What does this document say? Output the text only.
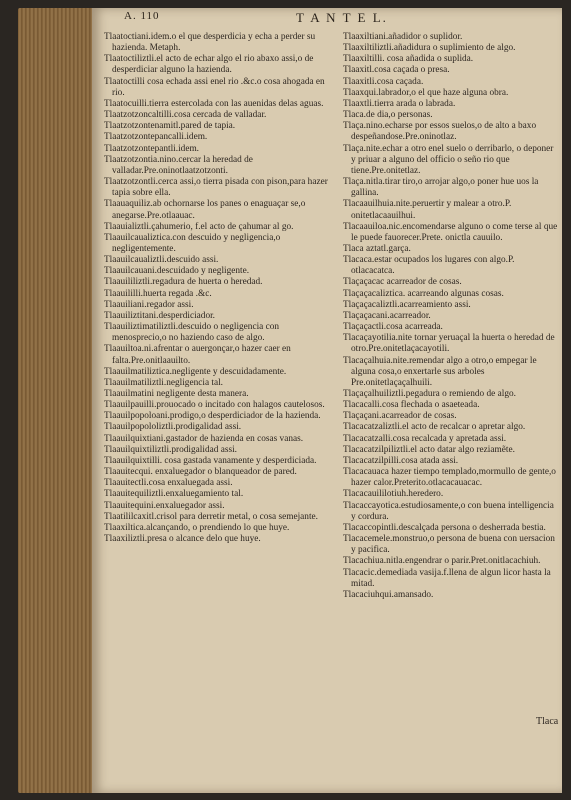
A. 110	T A N T E L.

Tlaatoctiani.idem.o el que desperdicia y echa a perder su hazienda. Metaph.

Tlaatoctiliztli.el acto de echar algo el rio abaxo assi,o de desperdiciar alguno la hazienda.

Tlaatoctilli cosa echada assi enel rio .&c.o cosa ahogada en rio.

Tlaatocuilli.tierra estercolada con las auenidas delas aguas.

Tlaatzotzoncaltilli.cosa cercada de valladar.

Tlaatzotzontenamitl.pared de tapia.

Tlaatzotzontepancalli.idem.

Tlaatzotzontepantli.idem.

Tlaatzotzontia.nino.cercar la heredad de valladar.Pre.oninotlaatzotzonti.

Tlaatzotzontli.cerca assi,o tierra pisada con pison,para hazer tapia sobre ella.

Tlaauaquiliz.ab ochornarse los panes o enaguaçar se,o anegarse.Pre.otlaauac.

Tlaauializtli.çahumerio, f.el acto de çahumar al go.

Tlaauilcaualiztica.con descuido y negligencia,o negligentemente.

Tlaauilcaualiztli.descuido assi.

Tlaauilcauani.descuidado y negligente.

Tlaauililiztli.regadura de huerta o heredad.

Tlaauililli.huerta regada .&c.

Tlaauiliani.regador assi.

Tlaauiliztitani.desperdiciador.

Tlaauiliztimatiliztli.descuido o negligencia con menosprecio,o no haziendo caso de algo.

Tlaauiltoa.ni.afrentar o auergonçar,o hazer caer en falta.Pre.onitlaauilto.

Tlaauilmatiliztica.negligente y descuidadamente.

Tlaauilmatiliztli.negligencia tal.

Tlaauilmatini negligente desta manera.

Tlaauilpauilli.prouocado o incitado con halagos cautelosos.

Tlaauilpopoloani.prodigo,o desperdiciador de la hazienda.

Tlaauilpopololiztli.prodigalidad assi.

Tlaauilquixtiani.gastador de hazienda en cosas vanas.

Tlaauilquixtiliztli.prodigalidad assi.

Tlaauilquixtilli. cosa gastada vanamente y desperdiciada.

Tlaauitecqui. enxaluegador o blanqueador de pared.

Tlaauitectli.cosa enxaluegada assi.

Tlaauitequiliztli.enxaluegamiento tal.

Tlaauitequini.enxaluegador assi.

Tlaatililcaxitl.crisol para derretir metal, o cosa semejante.

Tlaaxiltica.alcançando, o prendiendo lo que huye.

Tlaaxiliztli.presa o alcance delo que huye.

Tlaaxiltiani.añadidor o suplidor.

Tlaaxiltiliztli.añadidura o suplimiento de algo.

Tlaaxiltilli. cosa añadida o suplida.

Tlaaxitl.cosa caçada o presa.

Tlaaxitli.cosa caçada.

Tlaaxqui.labrador,o el que haze alguna obra.

Tlaaxtli.tierra arada o labrada.

Tlaca.de dia,o personas.

Tlaça.nino.echarse por essos suelos,o de alto a baxo despeñandose.Pre.oninotlaz.

Tlaça.nite.echar a otro enel suelo o derribarlo, o deponer y priuar a alguno del officio o seño rio que tiene.Pre.onitetlaz.

Tlaça.nitla.tirar tiro,o arrojar algo,o poner hue uos la gallina.

Tlacaauilhuia.nite.peruertir y malear a otro.P. onitetlacaauilhui.

Tlacaauiloa.nic.encomendarse alguno o come terse al que le puede fauorecer.Prete. onictla cauuilo.

Tlaca aztatl.garça.

Tlacaca.estar ocupados los lugares con algo.P. otlacacatca.

Tlaçaçacac acarreador de cosas.

Tlaçaçacaliztica. acarreando algunas cosas.

Tlaçaçacaliztli.acarreamiento assi.

Tlaçaçacani.acarreador.

Tlaçaçactli.cosa acarreada.

Tlacaçayotilia.nite tornar yeruaçal la huerta o heredad de otro.Pre.onitetlaçacayotili.

Tlacaçalhuia.nite.remendar algo a otro,o empegar le alguna cosa,o enxertarle sus arboles Pre.onitetlaçaçalhuili.

Tlaçaçalhuiliztli.pegadura o remiendo de algo.

Tlacacalli.cosa flechada o asaeteada.

Tlaçaçani.acarreador de cosas.

Tlacacatzaliztli.el acto de recalcar o apretar algo.

Tlacacatzalli.cosa recalcada y apretada assi.

Tlacacatzilpiliztli.el acto datar algo reziamẽte.

Tlacacatzilpilli.cosa atada assi.

Tlacacauaca hazer tiempo templado,mormullo de gente,o hazer calor.Preterito.otlacacauacac.

Tlacacauililotiuh.heredero.

Tlacaccayotica.estudiosamente,o con buena intelligencia y cordura.

Tlacaccopintli.descalçada persona o desherrada bestia.

Tlacacemele.monstruo,o persona de buena con uersacion y pacifica.

Tlacachiua.nitla.engendrar o parir.Pret.onitlacachiuh.

Tlacacic.demediada vasija.f.llena de algun licor hasta la mitad.

Tlacaciuhqui.amansado.

Tlaca
